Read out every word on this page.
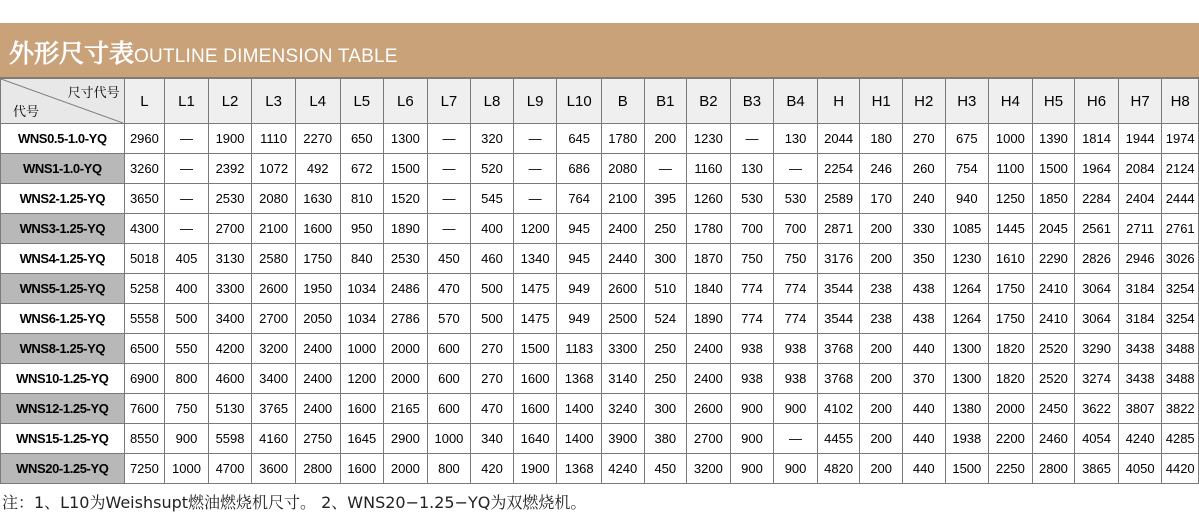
外形尺寸表OUTLINE DIMENSION TABLE
尺寸代号
代号	L	L1	L2	L3	L4	L5	L6	L7	L8	L9	L10	B	B1	B2	B3	B4	H	H1	H2	H3	H4	H5	H6	H7	H8
WNS0.5-1.0-YQ	2960	—	1900	1110	2270	650	1300	—	320	—	645	1780	200	1230	—	130	2044	180	270	675	1000	1390	1814	1944	1974
WNS1-1.0-YQ	3260	—	2392	1072	492	672	1500	—	520	—	686	2080	—	1160	130	—	2254	246	260	754	1100	1500	1964	2084	2124
WNS2-1.25-YQ	3650	—	2530	2080	1630	810	1520	—	545	—	764	2100	395	1260	530	530	2589	170	240	940	1250	1850	2284	2404	2444
WNS3-1.25-YQ	4300	—	2700	2100	1600	950	1890	—	400	1200	945	2400	250	1780	700	700	2871	200	330	1085	1445	2045	2561	2711	2761
WNS4-1.25-YQ	5018	405	3130	2580	1750	840	2530	450	460	1340	945	2440	300	1870	750	750	3176	200	350	1230	1610	2290	2826	2946	3026
WNS5-1.25-YQ	5258	400	3300	2600	1950	1034	2486	470	500	1475	949	2600	510	1840	774	774	3544	238	438	1264	1750	2410	3064	3184	3254
WNS6-1.25-YQ	5558	500	3400	2700	2050	1034	2786	570	500	1475	949	2500	524	1890	774	774	3544	238	438	1264	1750	2410	3064	3184	3254
WNS8-1.25-YQ	6500	550	4200	3200	2400	1000	2000	600	270	1500	1183	3300	250	2400	938	938	3768	200	440	1300	1820	2520	3290	3438	3488
WNS10-1.25-YQ	6900	800	4600	3400	2400	1200	2000	600	270	1600	1368	3140	250	2400	938	938	3768	200	370	1300	1820	2520	3274	3438	3488
WNS12-1.25-YQ	7600	750	5130	3765	2400	1600	2165	600	470	1600	1400	3240	300	2600	900	900	4102	200	440	1380	2000	2450	3622	3807	3822
WNS15-1.25-YQ	8550	900	5598	4160	2750	1645	2900	1000	340	1640	1400	3900	380	2700	900	—	4455	200	440	1938	2200	2460	4054	4240	4285
WNS20-1.25-YQ	7250	1000	4700	3600	2800	1600	2000	800	420	1900	1368	4240	450	3200	900	900	4820	200	440	1500	2250	2800	3865	4050	4420
注：1、L10为Weishsupt燃油燃烧机尺寸。 2、WNS20−1.25−YQ为双燃烧机。
